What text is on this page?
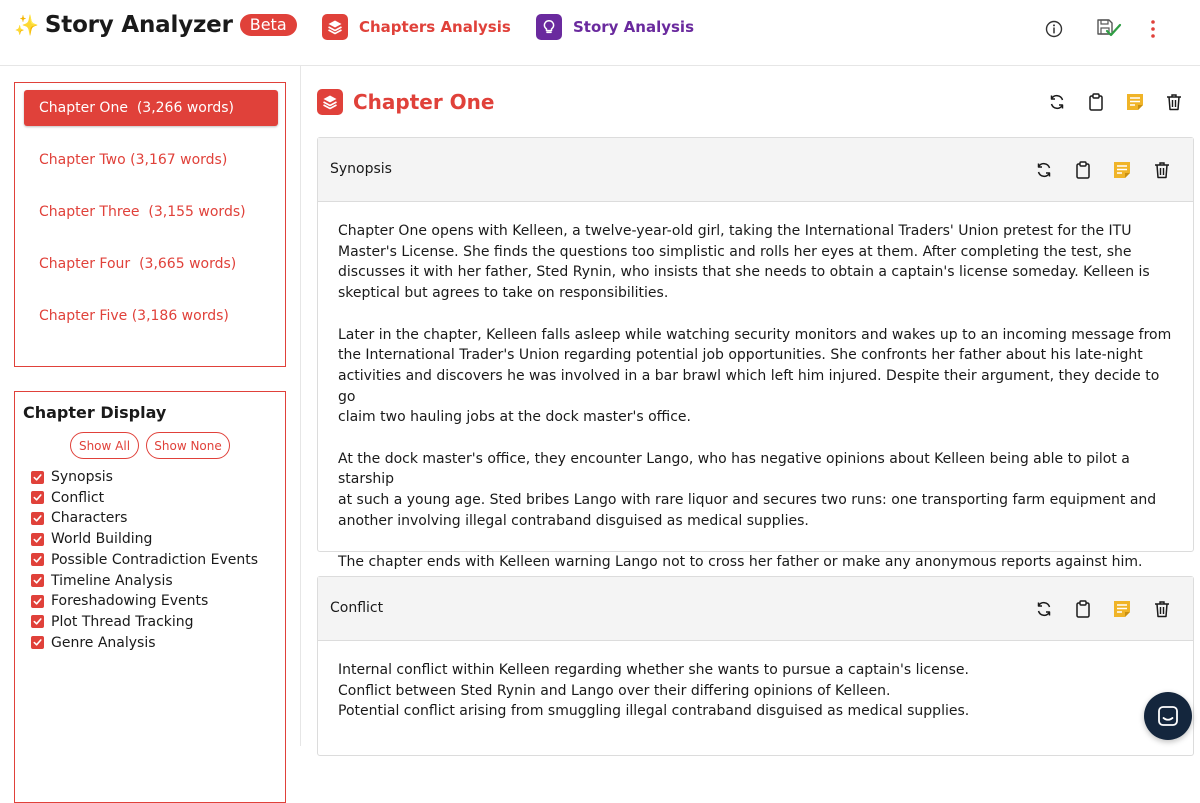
✨ Story Analyzer	Beta	Chapters Analysis	Story Analysis
Chapter One  (3,266 words)
Chapter Two (3,167 words)
Chapter Three  (3,155 words)
Chapter Four  (3,665 words)
Chapter Five (3,186 words)
Chapter Display
Show All	Show None
Synopsis
Conflict
Characters
World Building
Possible Contradiction Events
Timeline Analysis
Foreshadowing Events
Plot Thread Tracking
Genre Analysis
Chapter One
Synopsis

Chapter One opens with Kelleen, a twelve-year-old girl, taking the International Traders' Union pretest for the ITU
Master's License. She finds the questions too simplistic and rolls her eyes at them. After completing the test, she
discusses it with her father, Sted Rynin, who insists that she needs to obtain a captain's license someday. Kelleen is
skeptical but agrees to take on responsibilities.

Later in the chapter, Kelleen falls asleep while watching security monitors and wakes up to an incoming message from
the International Trader's Union regarding potential job opportunities. She confronts her father about his late-night
activities and discovers he was involved in a bar brawl which left him injured. Despite their argument, they decide to go
claim two hauling jobs at the dock master's office.

At the dock master's office, they encounter Lango, who has negative opinions about Kelleen being able to pilot a starship
at such a young age. Sted bribes Lango with rare liquor and secures two runs: one transporting farm equipment and
another involving illegal contraband disguised as medical supplies.

The chapter ends with Kelleen warning Lango not to cross her father or make any anonymous reports against him.

Conflict

Internal conflict within Kelleen regarding whether she wants to pursue a captain's license.
Conflict between Sted Rynin and Lango over their differing opinions of Kelleen.
Potential conflict arising from smuggling illegal contraband disguised as medical supplies.
